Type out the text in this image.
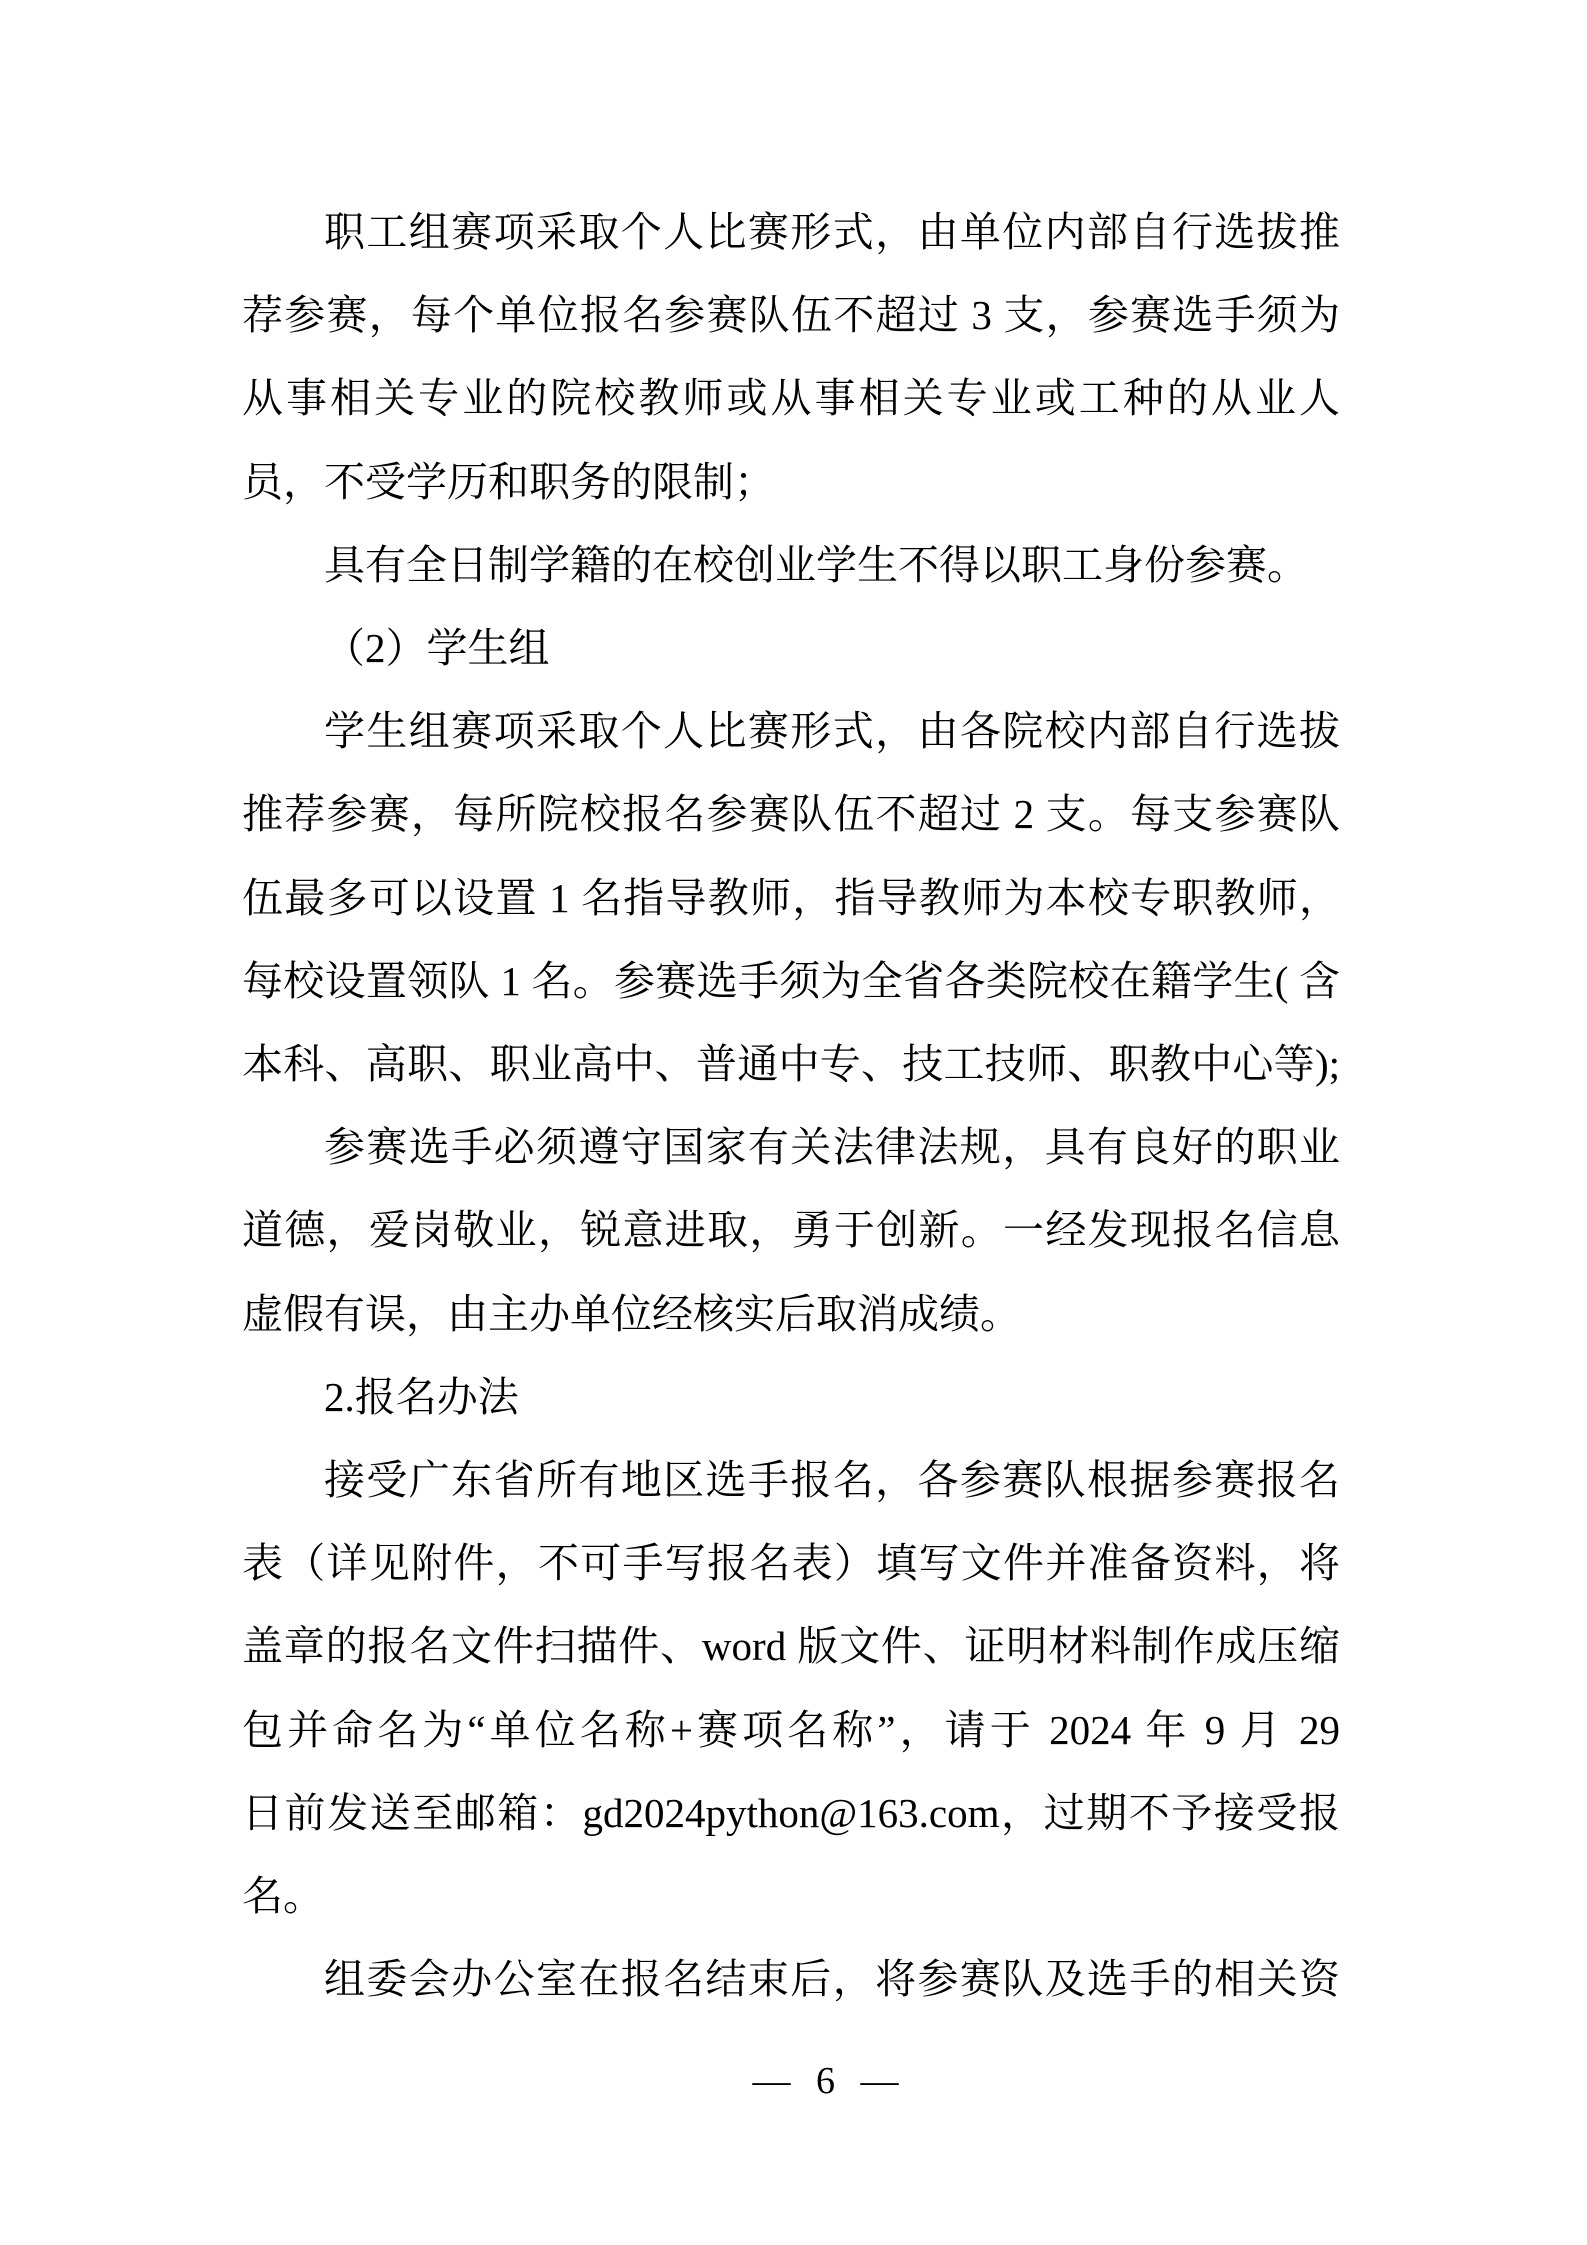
职工组赛项采取个人比赛形式，由单位内部自行选拔推
荐参赛，每个单位报名参赛队伍不超过 3 支，参赛选手须为
从事相关专业的院校教师或从事相关专业或工种的从业人
员，不受学历和职务的限制；
具有全日制学籍的在校创业学生不得以职工身份参赛。
（2）学生组
学生组赛项采取个人比赛形式，由各院校内部自行选拔
推荐参赛，每所院校报名参赛队伍不超过 2 支。每支参赛队
伍最多可以设置 1 名指导教师，指导教师为本校专职教师，
每校设置领队 1 名。参赛选手须为全省各类院校在籍学生( 含
本科、高职、职业高中、普通中专、技工技师、职教中心等);
参赛选手必须遵守国家有关法律法规，具有良好的职业
道德，爱岗敬业，锐意进取，勇于创新。一经发现报名信息
虚假有误，由主办单位经核实后取消成绩。
2.报名办法
接受广东省所有地区选手报名，各参赛队根据参赛报名
表（详见附件，不可手写报名表）填写文件并准备资料，将
盖章的报名文件扫描件、word 版文件、证明材料制作成压缩
包并命名为“单位名称+赛项名称”，请于 2024 年 9 月 29
日前发送至邮箱：gd2024python@163.com，过期不予接受报
名。
组委会办公室在报名结束后，将参赛队及选手的相关资
— 6 —
